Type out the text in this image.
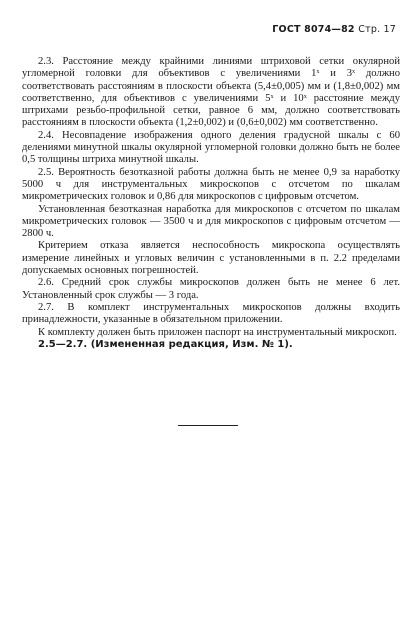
ГОСТ 8074—82 Стр. 17

2.3. Расстояние между крайними линиями штриховой сетки окулярной угломерной головки для объективов с увеличениями 1ˣ и 3ˣ должно соответствовать расстояниям в плоскости объекта (5,4±0,005) мм и (1,8±0,002) мм соответственно, для объективов с увеличениями 5ˣ и 10ˣ расстояние между штрихами резьбо-профильной сетки, равное 6 мм, должно соответствовать расстояниям в плоскости объекта (1,2±0,002) и (0,6±0,002) мм соответственно.

2.4. Несовпадение изображения одного деления градусной шкалы с 60 делениями минутной шкалы окулярной угломерной головки должно быть не более 0,5 толщины штриха минутной шкалы.

2.5. Вероятность безотказной работы должна быть не менее 0,9 за наработку 5000 ч для инструментальных микроскопов с отсчетом по шкалам микрометрических головок и 0,86 для микроскопов с цифровым отсчетом.

Установленная безотказная наработка для микроскопов с отсчетом по шкалам микрометрических головок — 3500 ч и для микроскопов с цифровым отсчетом — 2800 ч.

Критерием отказа является неспособность микроскопа осуществлять измерение линейных и угловых величин с установленными в п. 2.2 пределами допускаемых основных погрешностей.

2.6. Средний срок службы микроскопов должен быть не менее 6 лет. Установленный срок службы — 3 года.

2.7. В комплект инструментальных микроскопов должны входить принадлежности, указанные в обязательном приложении.

К комплекту должен быть приложен паспорт на инструментальный микроскоп.

2.5—2.7. (Измененная редакция, Изм. № 1).
